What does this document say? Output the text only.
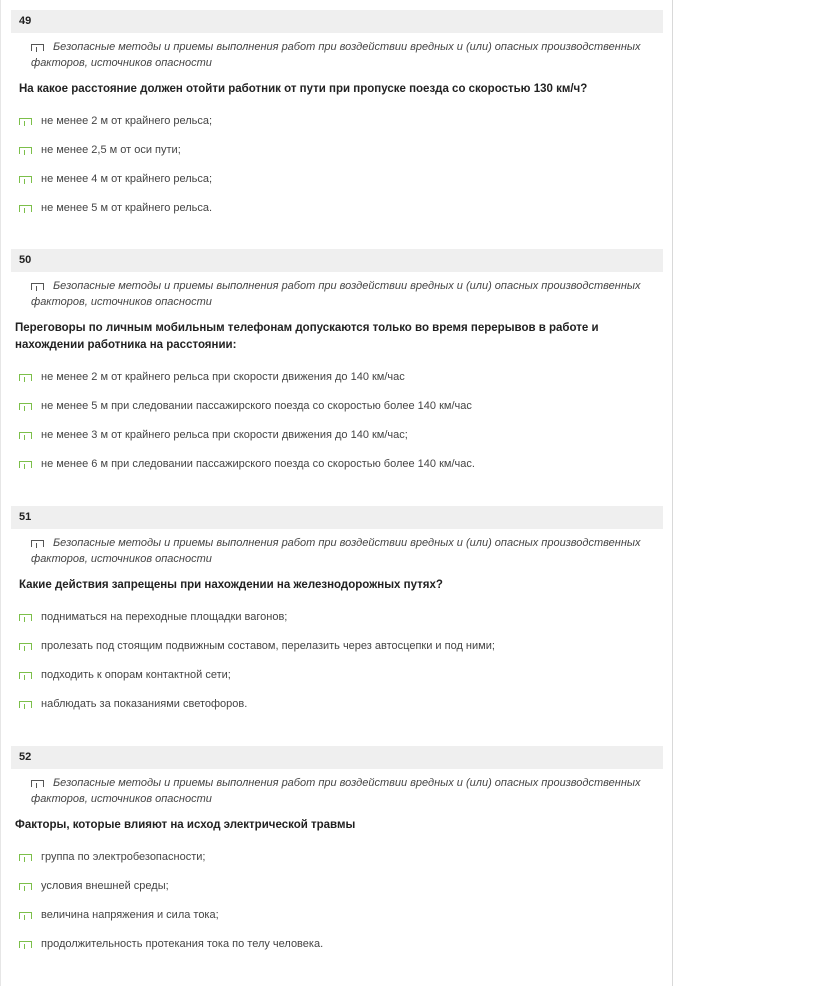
49
Безопасные методы и приемы выполнения работ при воздействии вредных и (или) опасных производственных факторов, источников опасности
На какое расстояние должен отойти работник от пути при пропуске поезда со скоростью 130 км/ч?
не менее 2 м от крайнего рельса;
не менее 2,5 м от оси пути;
не менее 4 м от крайнего рельса;
не менее 5 м от крайнего рельса.
50
Безопасные методы и приемы выполнения работ при воздействии вредных и (или) опасных производственных факторов, источников опасности
Переговоры по личным мобильным телефонам допускаются только во время перерывов в работе и нахождении работника на расстоянии:
не менее 2 м от крайнего рельса при скорости движения до 140 км/час
не менее 5 м при следовании пассажирского поезда со скоростью более 140 км/час
не менее 3 м от крайнего рельса при скорости движения до 140 км/час;
не менее 6 м при следовании пассажирского поезда со скоростью более 140 км/час.
51
Безопасные методы и приемы выполнения работ при воздействии вредных и (или) опасных производственных факторов, источников опасности
Какие действия запрещены при нахождении на железнодорожных путях?
подниматься на переходные площадки вагонов;
пролезать под стоящим подвижным составом, перелазить через автосцепки и под ними;
подходить к опорам контактной сети;
наблюдать за показаниями светофоров.
52
Безопасные методы и приемы выполнения работ при воздействии вредных и (или) опасных производственных факторов, источников опасности
Факторы, которые влияют на исход электрической травмы
группа по электробезопасности;
условия внешней среды;
величина напряжения и сила тока;
продолжительность протекания тока по телу человека.
